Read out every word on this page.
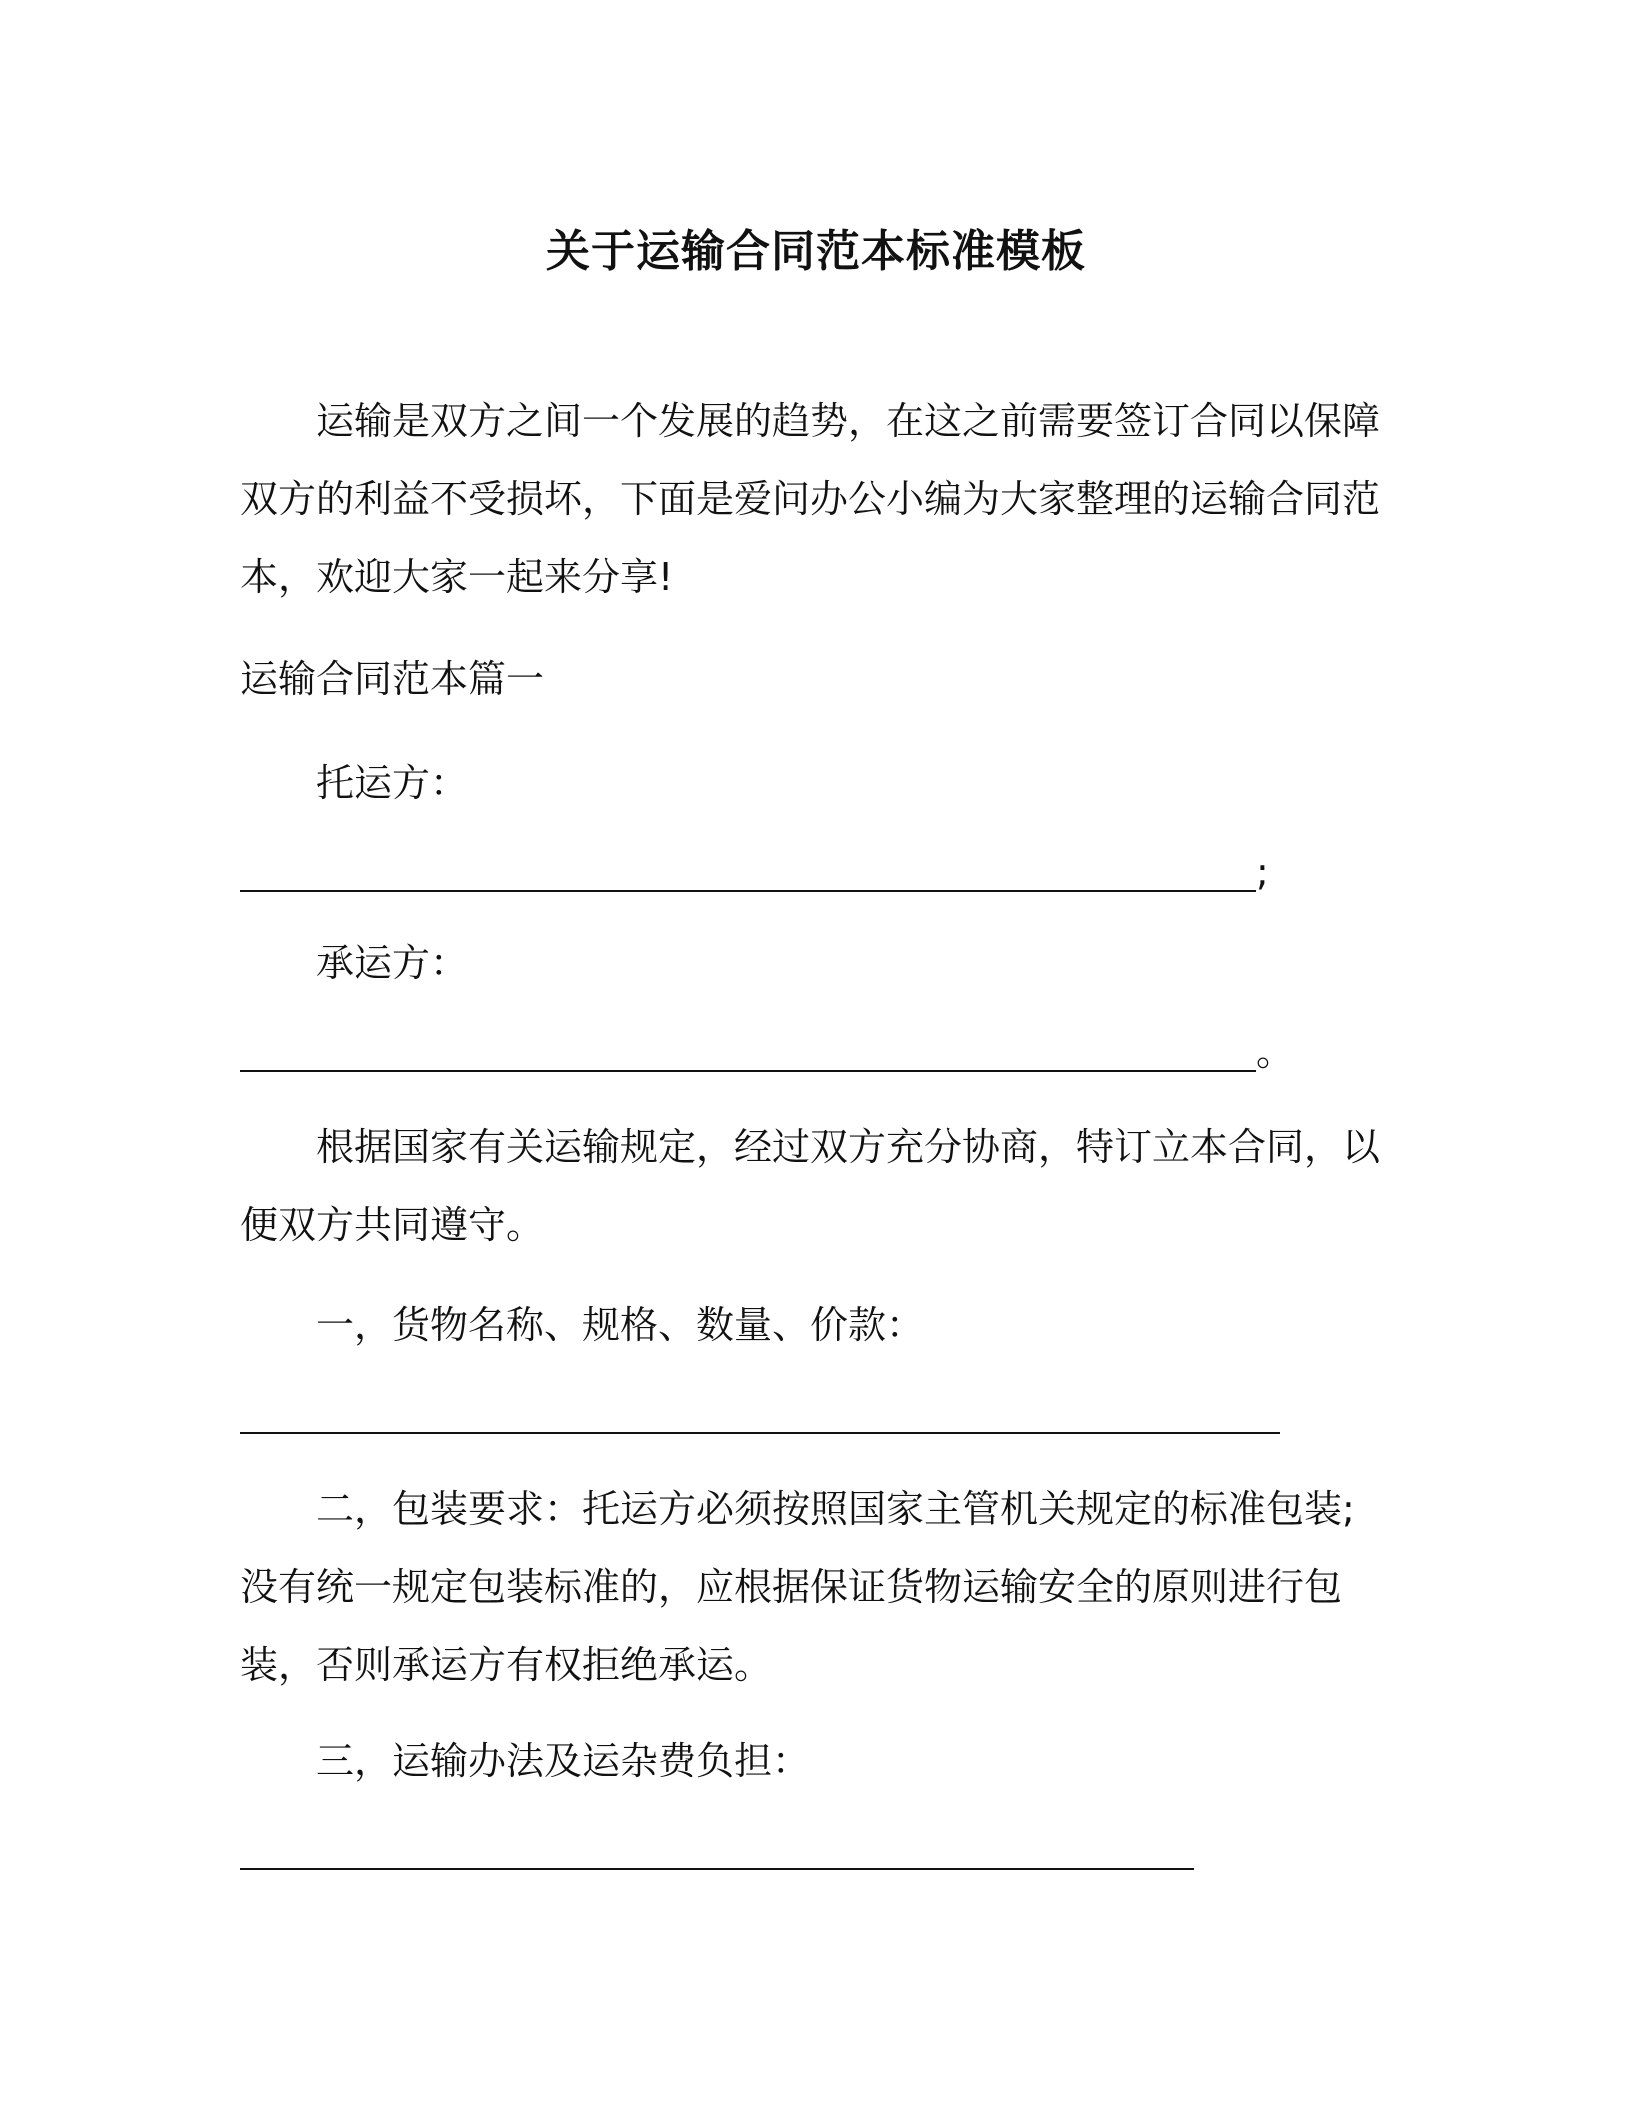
关于运输合同范本标准模板

运输是双方之间一个发展的趋势，在这之前需要签订合同以保障双方的利益不受损坏，下面是爱问办公小编为大家整理的运输合同范本，欢迎大家一起来分享!

运输合同范本篇一

托运方：

;

承运方：

。

根据国家有关运输规定，经过双方充分协商，特订立本合同，以便双方共同遵守。

一，货物名称、规格、数量、价款：

二，包装要求：托运方必须按照国家主管机关规定的标准包装;没有统一规定包装标准的，应根据保证货物运输安全的原则进行包装，否则承运方有权拒绝承运。

三，运输办法及运杂费负担：
